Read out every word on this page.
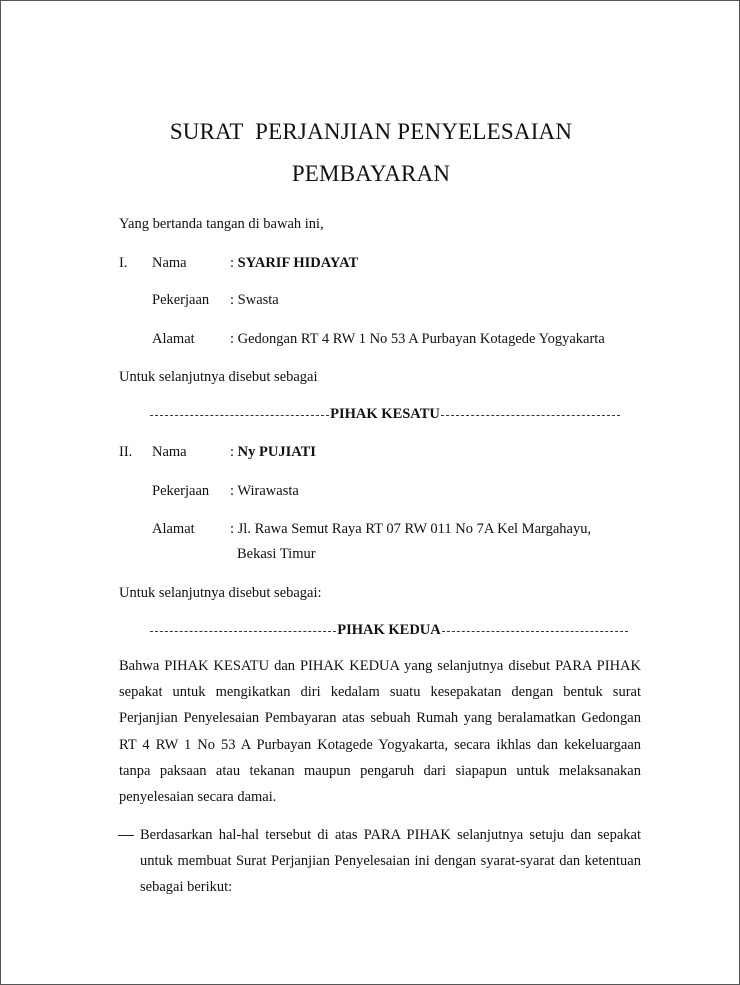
SURAT  PERJANJIAN PENYELESAIAN
PEMBAYARAN
Yang bertanda tangan di bawah ini,
I. Nama	: SYARIF HIDAYAT
Pekerjaan : Swasta
Alamat : Gedongan RT 4 RW 1 No 53 A Purbayan Kotagede Yogyakarta
Untuk selanjutnya disebut sebagai
PIHAK KESATU
II. Nama	: Ny PUJIATI
Pekerjaan : Wirawasta
Alamat : Jl. Rawa Semut Raya RT 07 RW 011 No 7A Kel Margahayu,
Bekasi Timur
Untuk selanjutnya disebut sebagai:
PIHAK KEDUA
Bahwa PIHAK KESATU dan PIHAK KEDUA yang selanjutnya disebut PARA PIHAK sepakat untuk mengikatkan diri kedalam suatu kesepakatan dengan bentuk surat Perjanjian Penyelesaian Pembayaran atas sebuah Rumah yang beralamatkan Gedongan RT 4 RW 1 No 53 A Purbayan Kotagede Yogyakarta, secara ikhlas dan kekeluargaan tanpa paksaan atau tekanan maupun pengaruh dari siapapun untuk melaksanakan penyelesaian secara damai.
Berdasarkan hal-hal tersebut di atas PARA PIHAK selanjutnya setuju dan sepakat untuk membuat Surat Perjanjian Penyelesaian ini dengan syarat-syarat dan ketentuan sebagai berikut:
